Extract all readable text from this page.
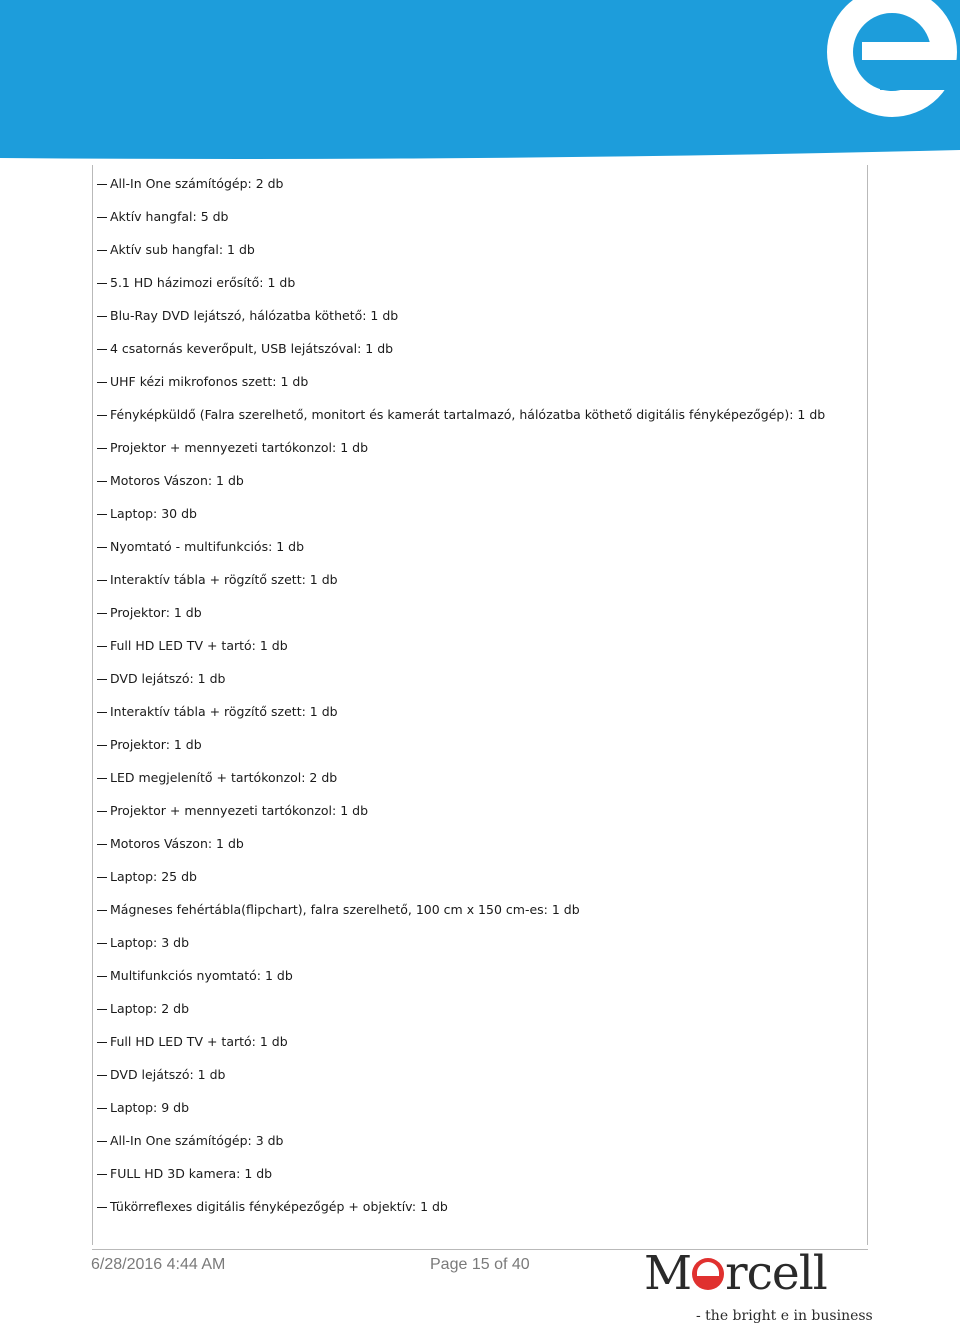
All-In One számítógép: 2 db
Aktív hangfal: 5 db
Aktív sub hangfal: 1 db
5.1 HD házimozi erősítő: 1 db
Blu-Ray DVD lejátszó, hálózatba köthető: 1 db
4 csatornás keverőpult, USB lejátszóval: 1 db
UHF kézi mikrofonos szett: 1 db
Fényképküldő (Falra szerelhető, monitort és kamerát tartalmazó, hálózatba köthető digitális fényképezőgép): 1 db
Projektor + mennyezeti tartókonzol: 1 db
Motoros Vászon: 1 db
Laptop: 30 db
Nyomtató - multifunkciós: 1 db
Interaktív tábla + rögzítő szett: 1 db
Projektor: 1 db
Full HD LED TV + tartó: 1 db
DVD lejátszó: 1 db
Interaktív tábla + rögzítő szett: 1 db
Projektor: 1 db
LED megjelenítő + tartókonzol: 2 db
Projektor + mennyezeti tartókonzol: 1 db
Motoros Vászon: 1 db
Laptop: 25 db
Mágneses fehértábla(flipchart), falra szerelhető, 100 cm x 150 cm-es: 1 db
Laptop: 3 db
Multifunkciós nyomtató: 1 db
Laptop: 2 db
Full HD LED TV + tartó: 1 db
DVD lejátszó: 1 db
Laptop: 9 db
All-In One számítógép: 3 db
FULL HD 3D kamera: 1 db
Tükörreflexes digitális fényképezőgép + objektív: 1 db
6/28/2016 4:44 AM	Page 15 of 40 M rcell
- the bright e in business
